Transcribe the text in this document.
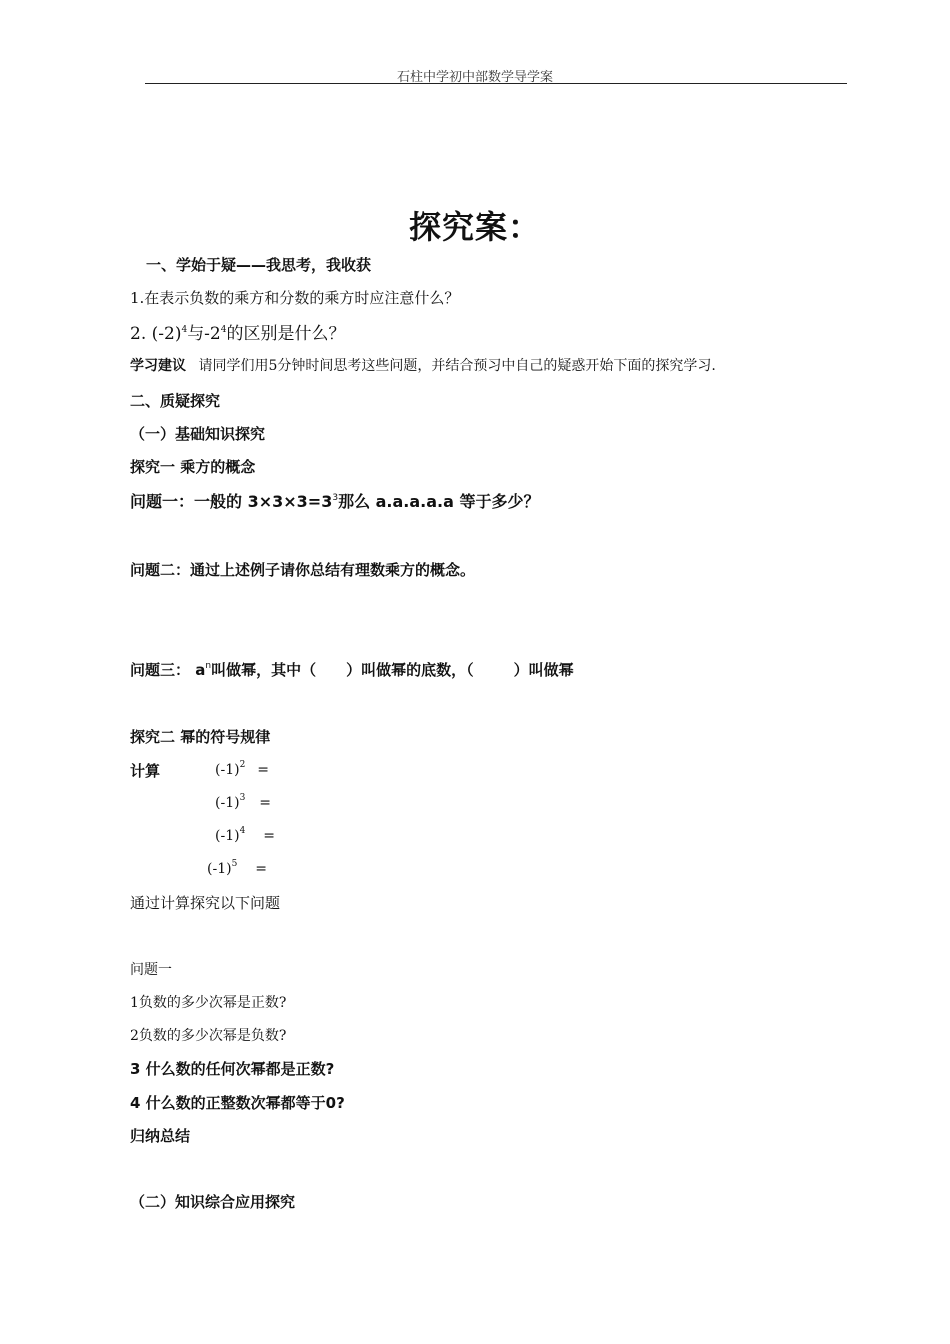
石柱中学初中部数学导学案
探究案：
一、学始于疑——我思考，我收获
1.在表示负数的乘方和分数的乘方时应注意什么？
2. $(-2)^4$与$-2^4$的区别是什么？
学习建议 请同学们用5分钟时间思考这些问题，并结合预习中自己的疑惑开始下面的探究学习.
二、质疑探究
（一）基础知识探究
探究一 乘方的概念
问题一：一般的 $3\times 3\times 3=3^3$那么 a.a.a.a.a 等于多少？
问题二：通过上述例子请你总结有理数乘方的概念。
问题三： $a^n$叫做幂，其中（ ）叫做幂的底数，（	）叫做幂
探究二 幂的符号规律
计算	$(-1)^2$ =
$(-1)^3$ =
$(-1)^4$ =
$(-1)^5$ =
通过计算探究以下问题
问题一
1负数的多少次幂是正数?
2负数的多少次幂是负数?
3 什么数的任何次幂都是正数?
4 什么数的正整数次幂都等于0?
归纳总结
（二）知识综合应用探究
